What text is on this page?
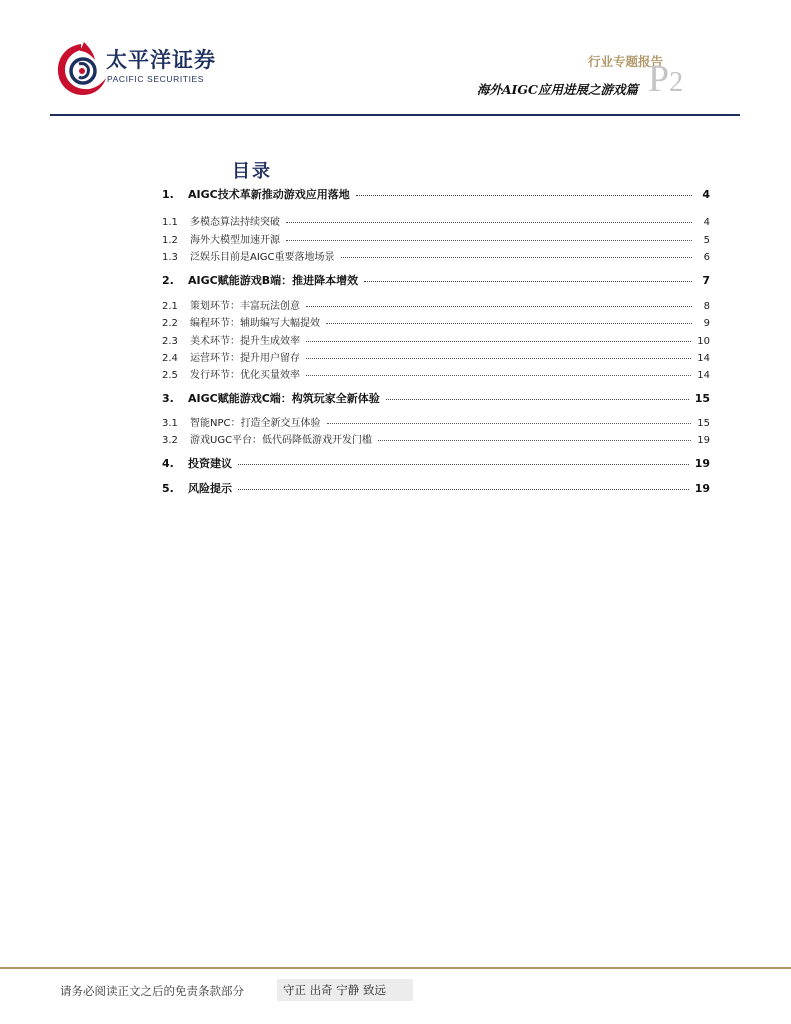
太平洋证券
PACIFIC SECURITIES
行业专题报告
海外AIGC应用进展之游戏篇 P2
目录
1.	AIGC技术革新推动游戏应用落地	4
1.1	多模态算法持续突破	4
1.2	海外大模型加速开源	5
1.3	泛娱乐目前是AIGC重要落地场景	6
2.	AIGC赋能游戏B端：推进降本增效	7
2.1	策划环节：丰富玩法创意	8
2.2	编程环节：辅助编写大幅提效	9
2.3	美术环节：提升生成效率	10
2.4	运营环节：提升用户留存	14
2.5	发行环节：优化买量效率	14
3.	AIGC赋能游戏C端：构筑玩家全新体验	15
3.1	智能NPC：打造全新交互体验	15
3.2	游戏UGC平台：低代码降低游戏开发门槛	19
4.	投资建议	19
5.	风险提示	19
请务必阅读正文之后的免责条款部分	守正 出奇 宁静 致远
